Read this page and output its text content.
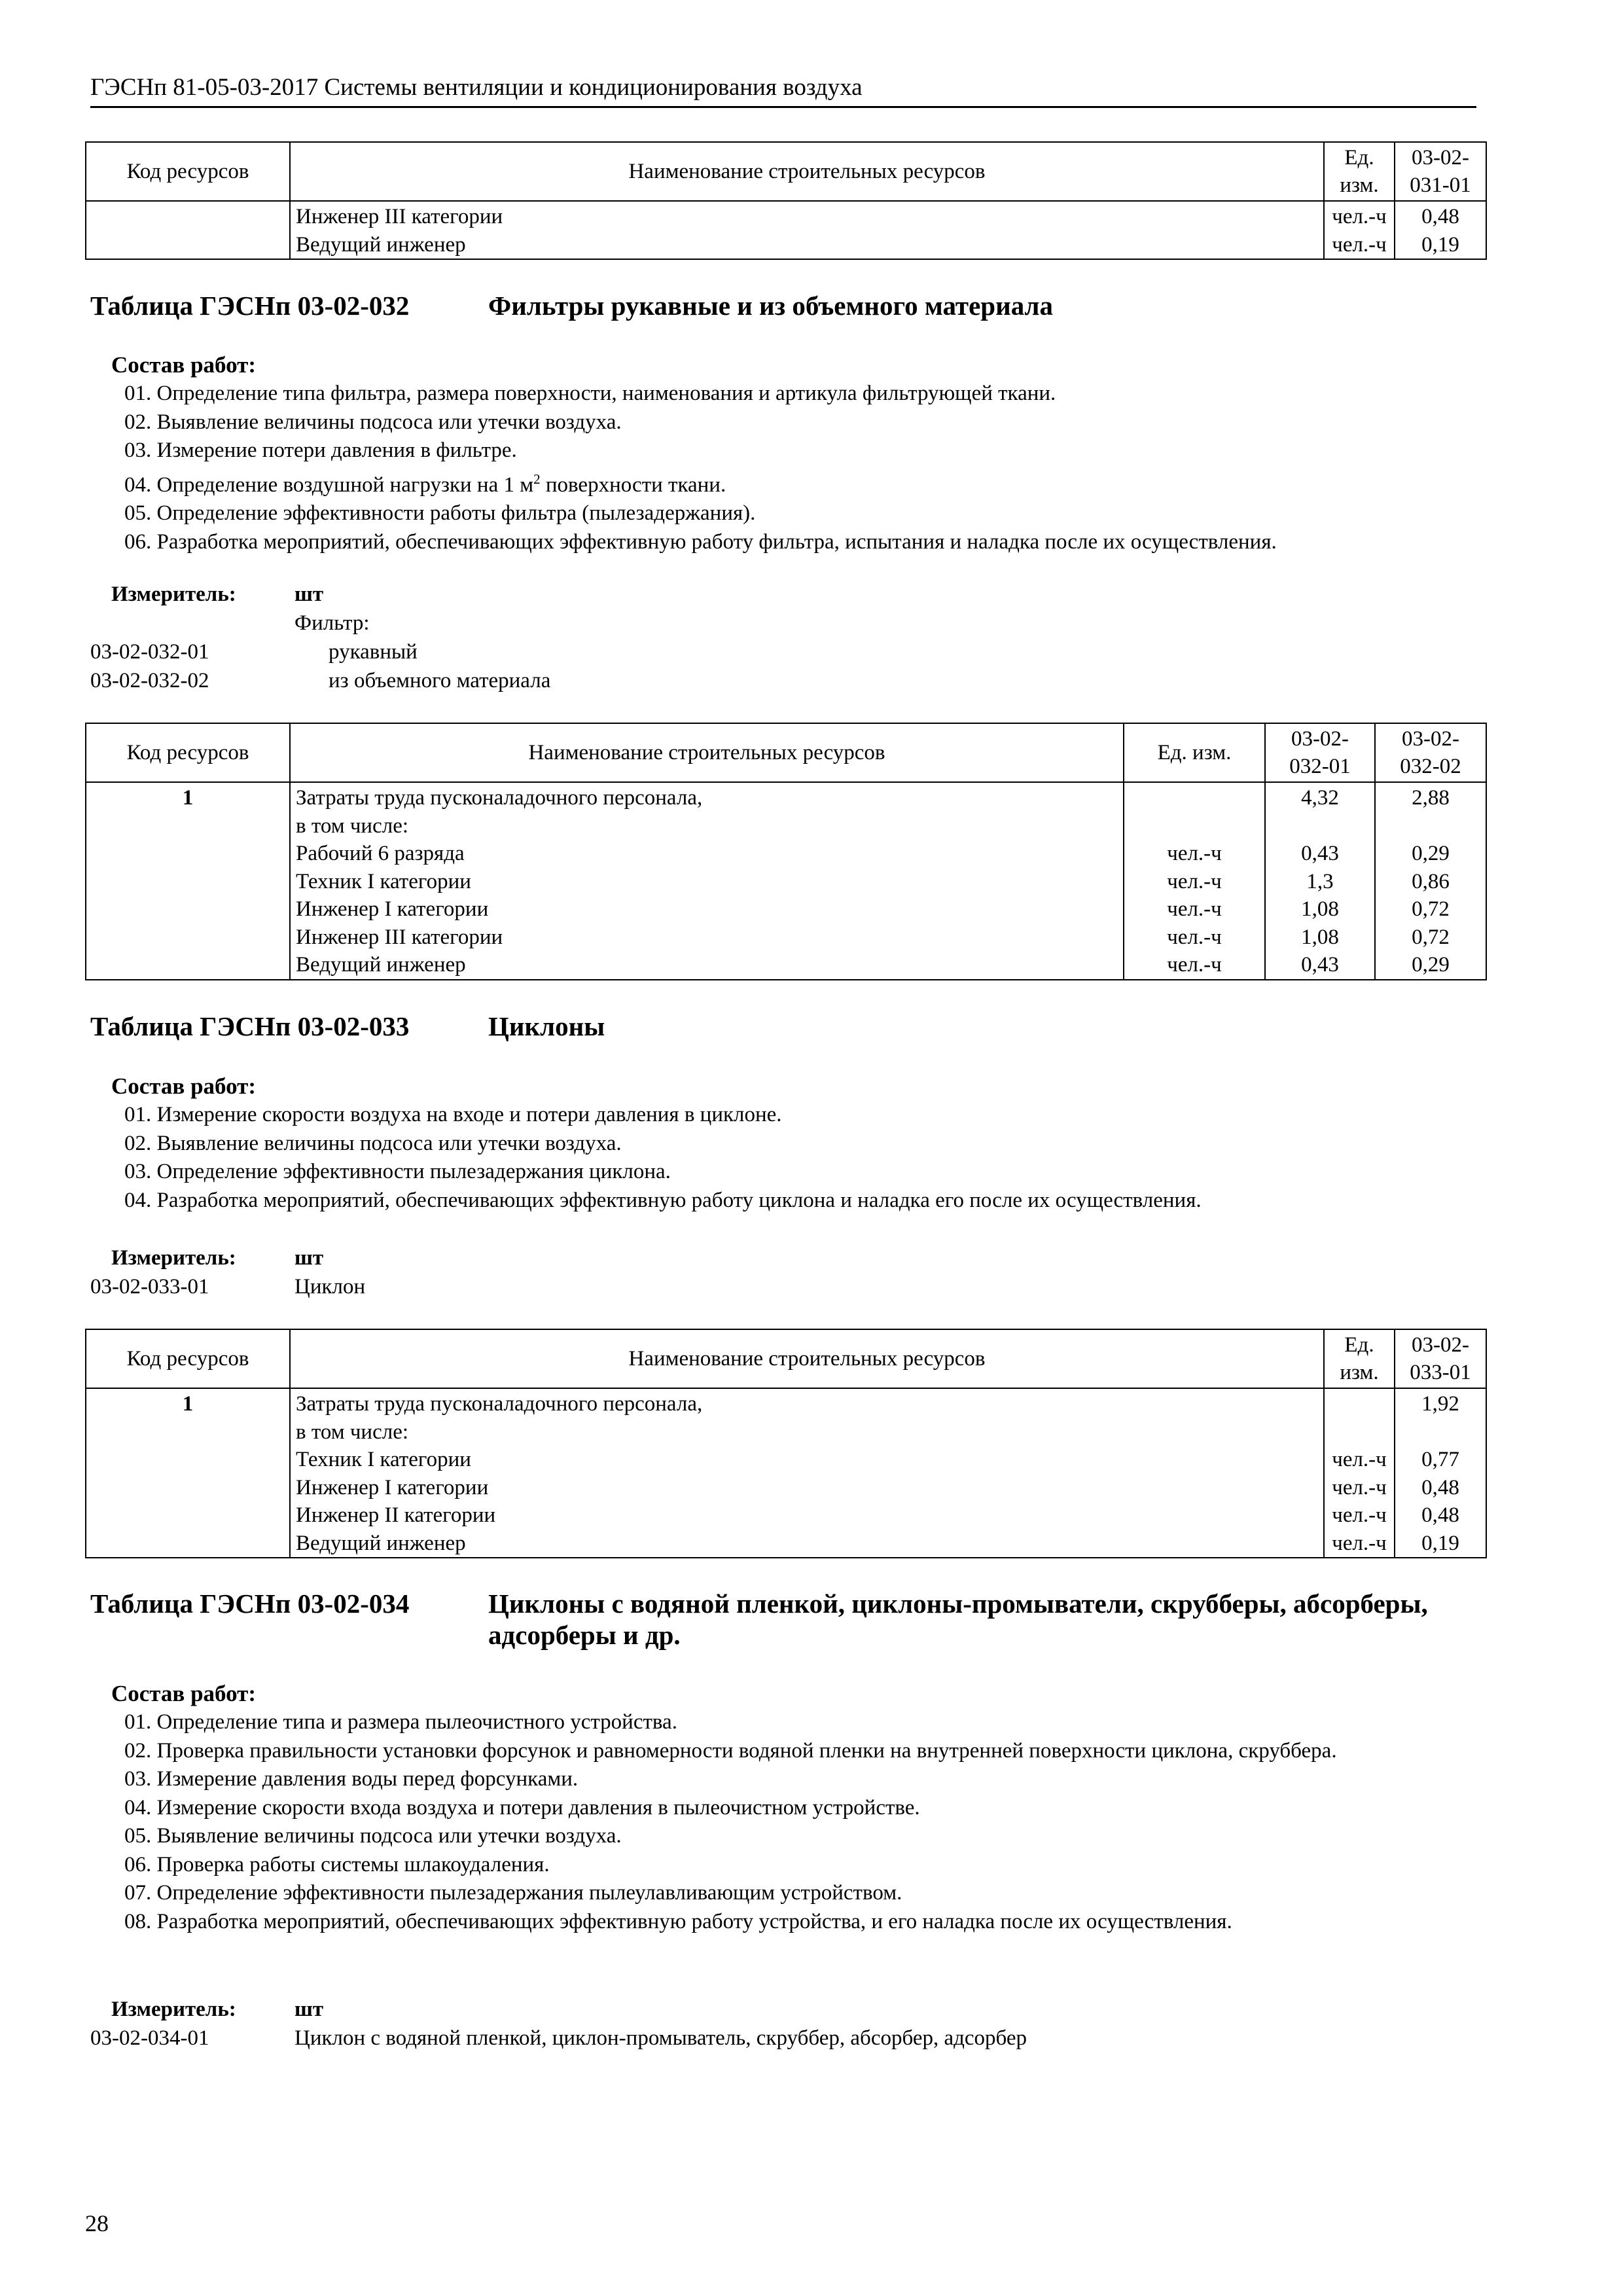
ГЭСНп 81-05-03-2017 Системы вентиляции и кондиционирования воздуха
Код ресурсов	Наименование строительных ресурсов	Ед. изм.	03-02-
031-01
	Инженер III категории	чел.-ч	0,48
	Ведущий инженер	чел.-ч	0,19
Таблица ГЭСНп 03-02-032	Фильтры рукавные и из объемного материала
Состав работ:
01. Определение типа фильтра, размера поверхности, наименования и артикула фильтрующей ткани.
02. Выявление величины подсоса или утечки воздуха.
03. Измерение потери давления в фильтре.
04. Определение воздушной нагрузки на 1 $м^2$ поверхности ткани.
05. Определение эффективности работы фильтра (пылезадержания).
06. Разработка мероприятий, обеспечивающих эффективную работу фильтра, испытания и наладка после их осуществления.
Измеритель:	шт
Фильтр:
03-02-032-01	рукавный
03-02-032-02	из объемного материала
Код ресурсов	Наименование строительных ресурсов	Ед. изм.	03-02-
032-01	03-02-
032-02
1	Затраты труда пусконаладочного персонала,		4,32	2,88
	в том числе:			
	Рабочий 6 разряда	чел.-ч	0,43	0,29
	Техник I категории	чел.-ч	1,3	0,86
	Инженер I категории	чел.-ч	1,08	0,72
	Инженер III категории	чел.-ч	1,08	0,72
	Ведущий инженер	чел.-ч	0,43	0,29
Таблица ГЭСНп 03-02-033	Циклоны
Состав работ:
01. Измерение скорости воздуха на входе и потери давления в циклоне.
02. Выявление величины подсоса или утечки воздуха.
03. Определение эффективности пылезадержания циклона.
04. Разработка мероприятий, обеспечивающих эффективную работу циклона и наладка его после их осуществления.
Измеритель:	шт
03-02-033-01	Циклон
Код ресурсов	Наименование строительных ресурсов	Ед. изм.	03-02-
033-01
1	Затраты труда пусконаладочного персонала,		1,92
	в том числе:		
	Техник I категории	чел.-ч	0,77
	Инженер I категории	чел.-ч	0,48
	Инженер II категории	чел.-ч	0,48
	Ведущий инженер	чел.-ч	0,19
Таблица ГЭСНп 03-02-034	Циклоны с водяной пленкой, циклоны-промыватели, скрубберы, абсорберы, адсорберы и др.
Состав работ:
01. Определение типа и размера пылеочистного устройства.
02. Проверка правильности установки форсунок и равномерности водяной пленки на внутренней поверхности циклона, скруббера.
03. Измерение давления воды перед форсунками.
04. Измерение скорости входа воздуха и потери давления в пылеочистном устройстве.
05. Выявление величины подсоса или утечки воздуха.
06. Проверка работы системы шлакоудаления.
07. Определение эффективности пылезадержания пылеулавливающим устройством.
08. Разработка мероприятий, обеспечивающих эффективную работу устройства, и его наладка после их осуществления.
Измеритель:	шт
03-02-034-01	Циклон с водяной пленкой, циклон-промыватель, скруббер, абсорбер, адсорбер
28
